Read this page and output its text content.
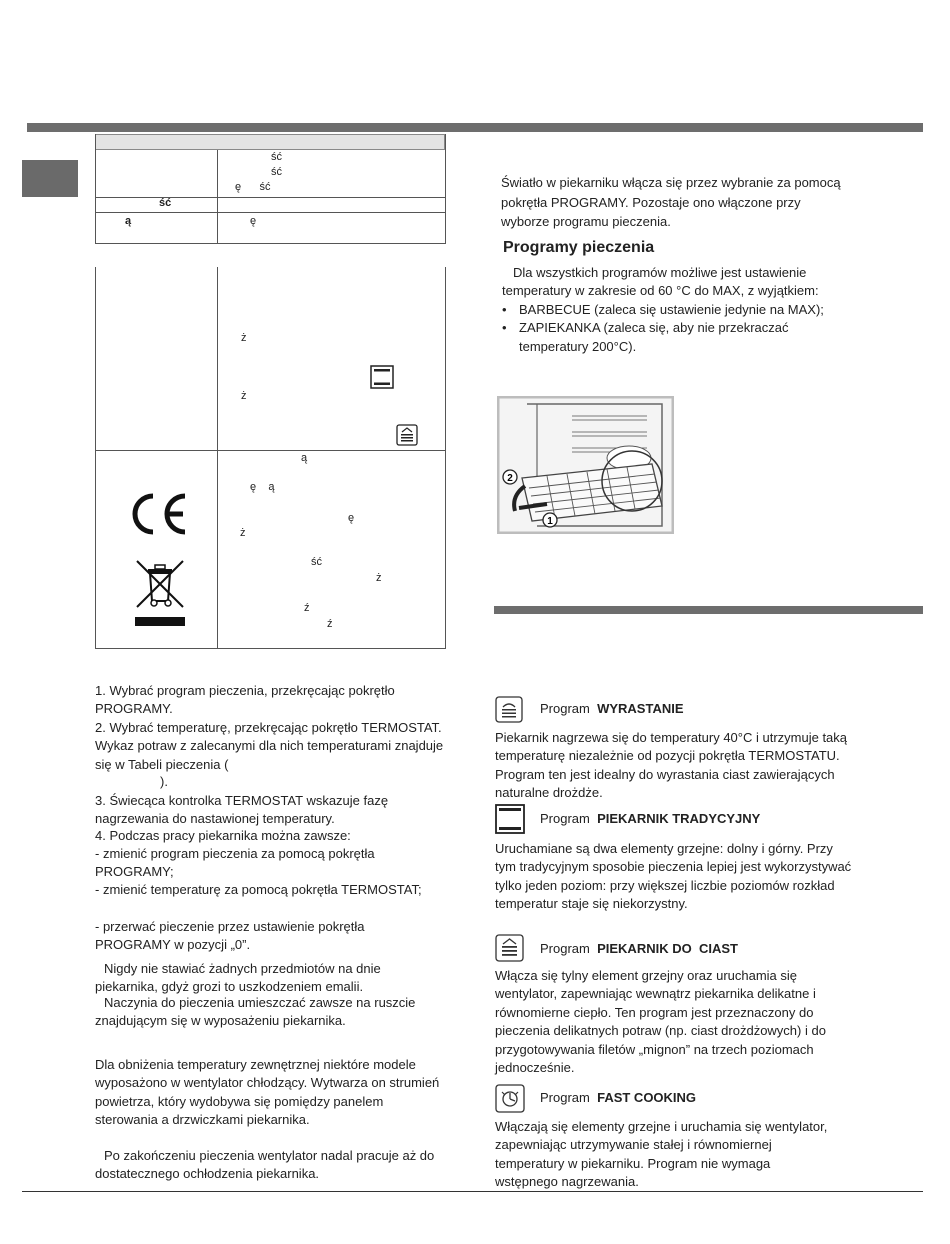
ść
ść
ę      ść
ść
ą	ę
ż
ż
ą
ę    ą
ę
ż
ść
ż
ź
ź
1. Wybrać program pieczenia, przekręcając pokrętło PROGRAMY.
2. Wybrać temperaturę, przekręcając pokrętło TERMOSTAT. Wykaz potraw z zalecanymi dla nich temperaturami znajduje się w Tabeli pieczenia (
).
3. Świecąca kontrolka TERMOSTAT wskazuje fazę nagrzewania do nastawionej temperatury.
4. Podczas pracy piekarnika można zawsze:
- zmienić program pieczenia za pomocą pokrętła PROGRAMY;
- zmienić temperaturę za pomocą pokrętła TERMOSTAT;
- przerwać pieczenie przez ustawienie pokrętła PROGRAMY w pozycji „0”.
Nigdy nie stawiać żadnych przedmiotów na dnie piekarnika, gdyż grozi to uszkodzeniem emalii.
Naczynia do pieczenia umieszczać zawsze na ruszcie znajdującym się w wyposażeniu piekarnika.
Dla obniżenia temperatury zewnętrznej niektóre modele wyposażono w wentylator chłodzący. Wytwarza on strumień powietrza, który wydobywa się pomiędzy panelem sterowania a drzwiczkami piekarnika.
Po zakończeniu pieczenia wentylator nadal pracuje aż do dostatecznego ochłodzenia piekarnika.
Światło w piekarniku włącza się przez wybranie za pomocą pokrętła PROGRAMY. Pozostaje ono włączone przy wyborze programu pieczenia.
Programy pieczenia
Dla wszystkich programów możliwe jest ustawienie temperatury w zakresie od 60 °C do MAX, z wyjątkiem:
• BARBECUE (zaleca się ustawienie jedynie na MAX);
• ZAPIEKANKA (zaleca się, aby nie przekraczać temperatury 200°C).
2
1
Program WYRASTANIE
Piekarnik nagrzewa się do temperatury 40°C i utrzymuje taką temperaturę niezależnie od pozycji pokrętła TERMOSTATU. Program ten jest idealny do wyrastania ciast zawierających naturalne drożdże.
Program PIEKARNIK TRADYCYJNY
Uruchamiane są dwa elementy grzejne: dolny i górny. Przy tym tradycyjnym sposobie pieczenia lepiej jest wykorzystywać tylko jeden poziom: przy większej liczbie poziomów rozkład temperatur staje się niekorzystny.
Program PIEKARNIK DO CIAST
Włącza się tylny element grzejny oraz uruchamia się wentylator, zapewniając wewnątrz piekarnika delikatne i równomierne ciepło. Ten program jest przeznaczony do pieczenia delikatnych potraw (np. ciast drożdżowych) i do przygotowywania filetów „mignon” na trzech poziomach jednocześnie.
Program FAST COOKING
Włączają się elementy grzejne i uruchamia się wentylator, zapewniając utrzymywanie stałej i równomiernej temperatury w piekarniku. Program nie wymaga wstępnego nagrzewania.
